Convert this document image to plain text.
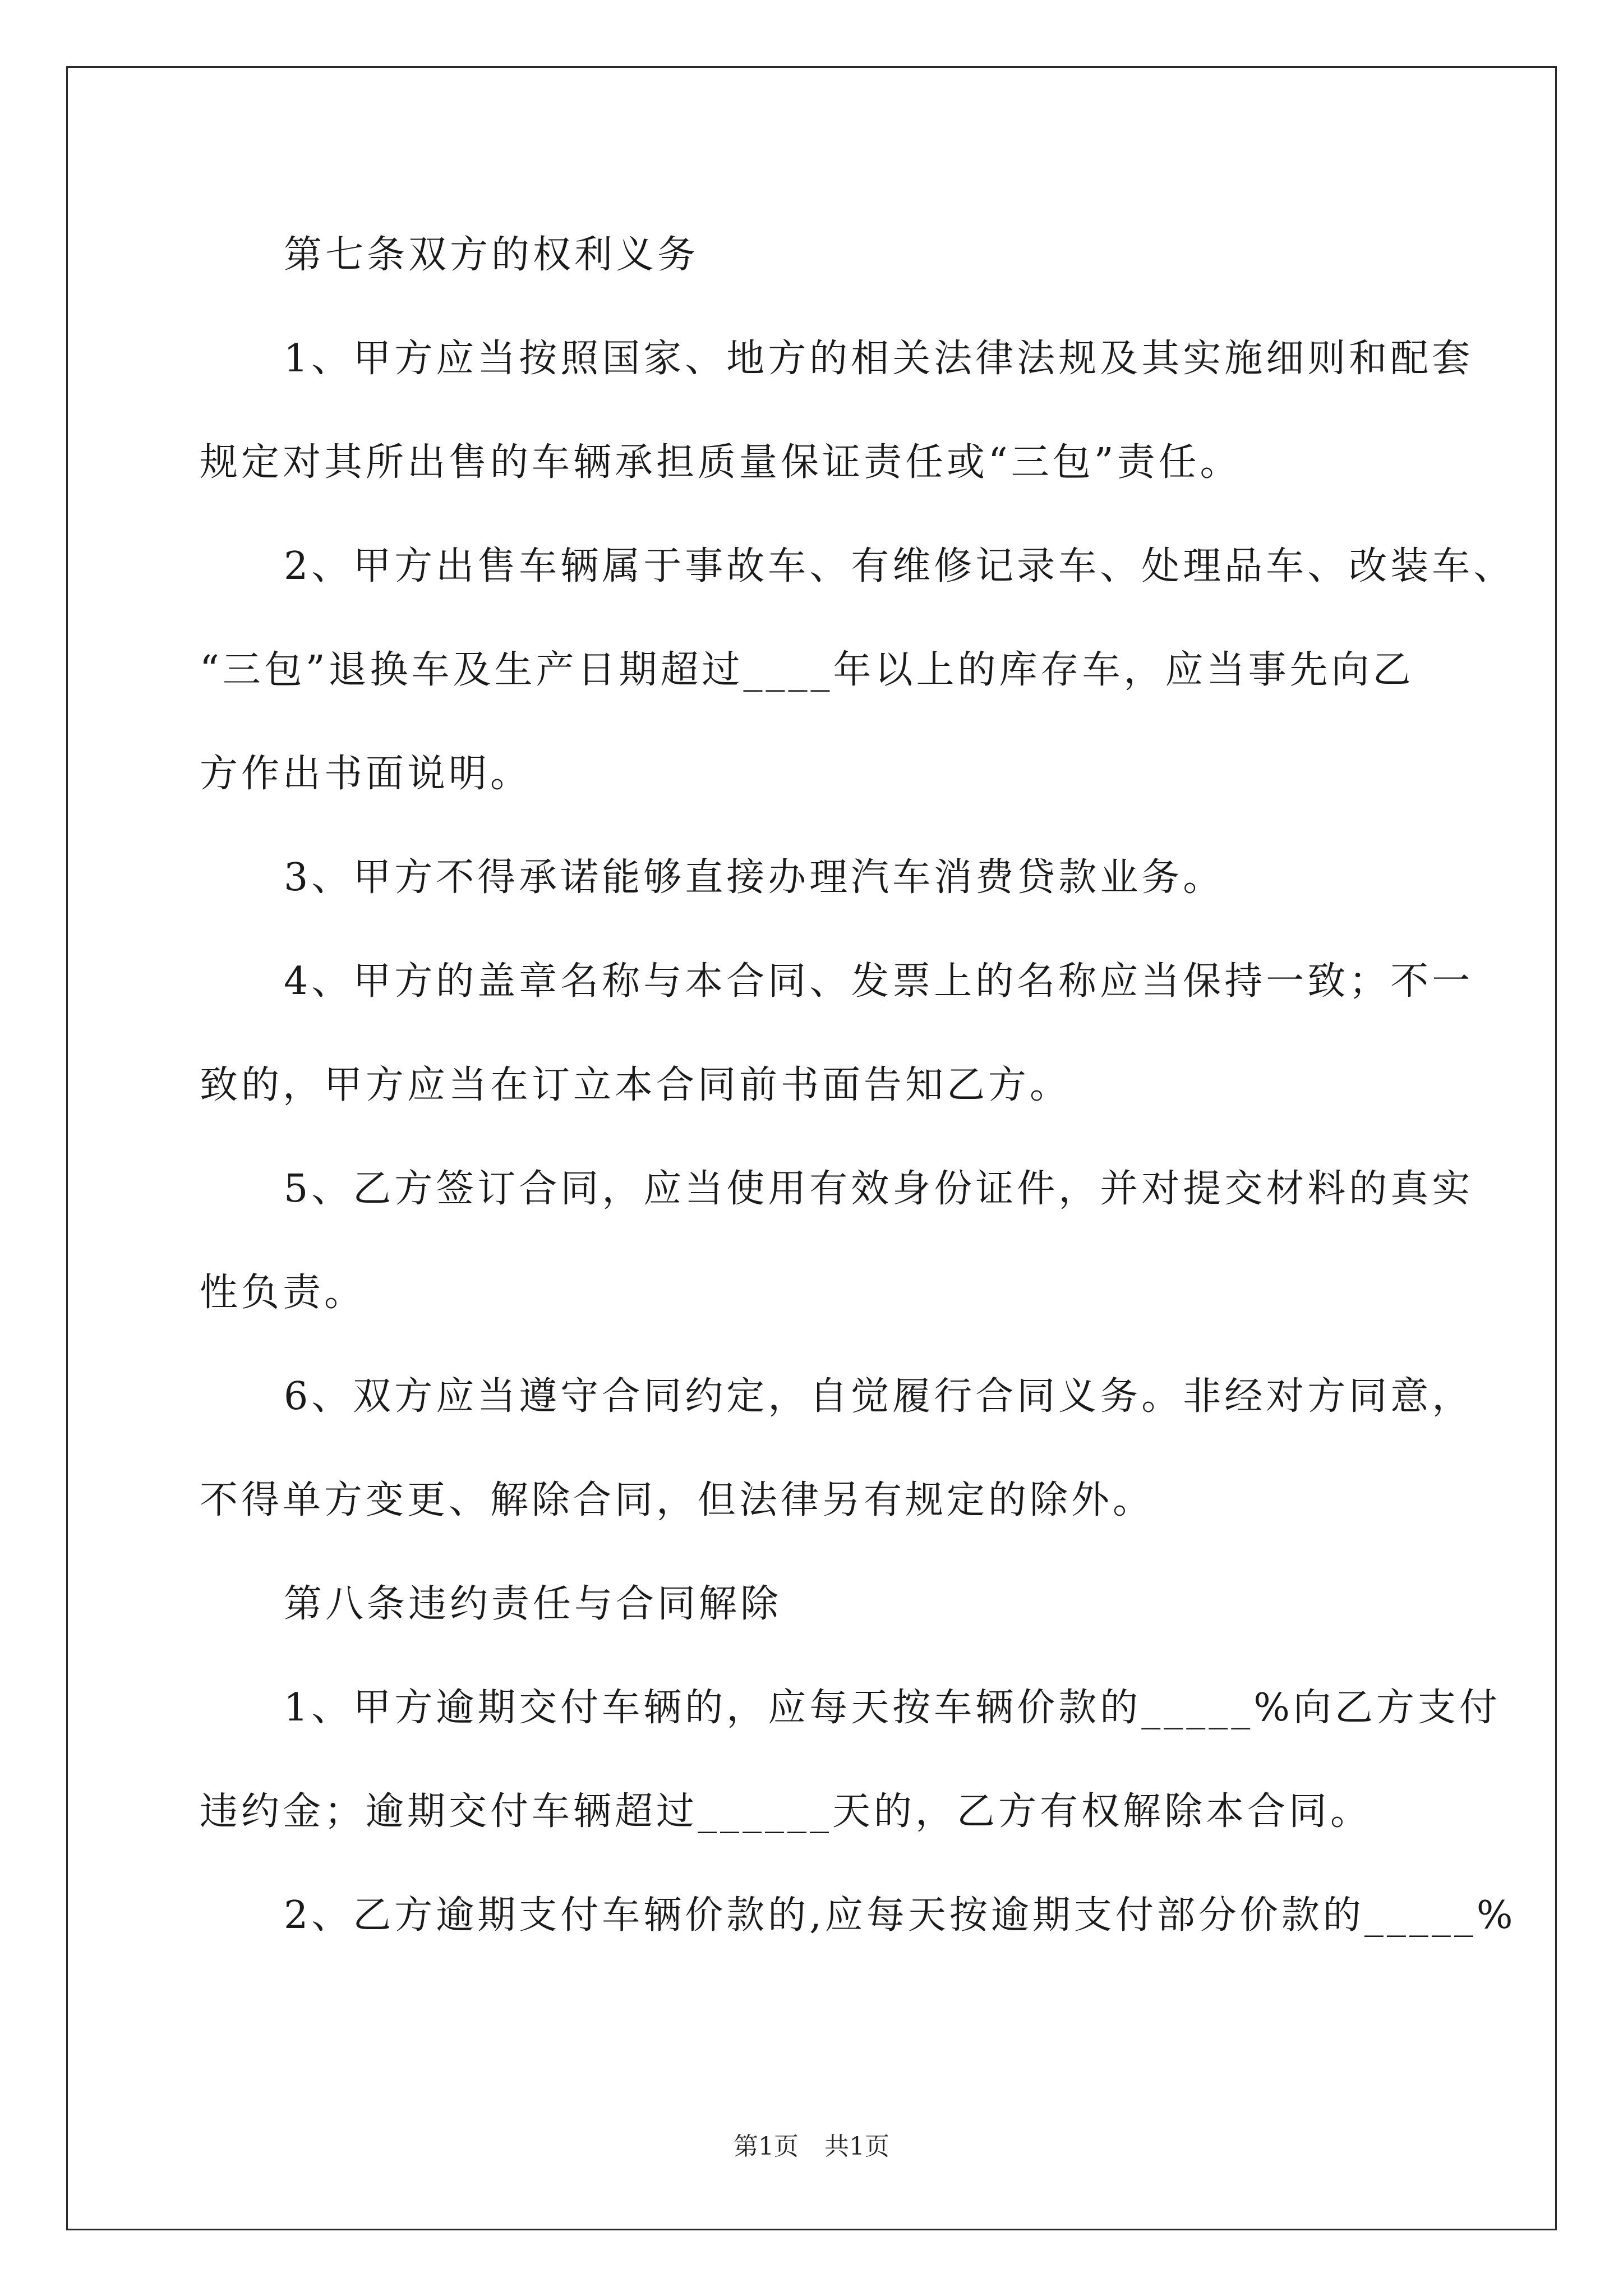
第七条双方的权利义务
1、甲方应当按照国家、地方的相关法律法规及其实施细则和配套
规定对其所出售的车辆承担质量保证责任或“三包”责任。
2、甲方出售车辆属于事故车、有维修记录车、处理品车、改装车、
“三包”退换车及生产日期超过____年以上的库存车，应当事先向乙
方作出书面说明。
3、甲方不得承诺能够直接办理汽车消费贷款业务。
4、甲方的盖章名称与本合同、发票上的名称应当保持一致；不一
致的，甲方应当在订立本合同前书面告知乙方。
5、乙方签订合同，应当使用有效身份证件，并对提交材料的真实
性负责。
6、双方应当遵守合同约定，自觉履行合同义务。非经对方同意，
不得单方变更、解除合同，但法律另有规定的除外。
第八条违约责任与合同解除
1、甲方逾期交付车辆的，应每天按车辆价款的_____%向乙方支付
违约金；逾期交付车辆超过______天的，乙方有权解除本合同。
2、乙方逾期支付车辆价款的,应每天按逾期支付部分价款的_____%
第1页 共1页
